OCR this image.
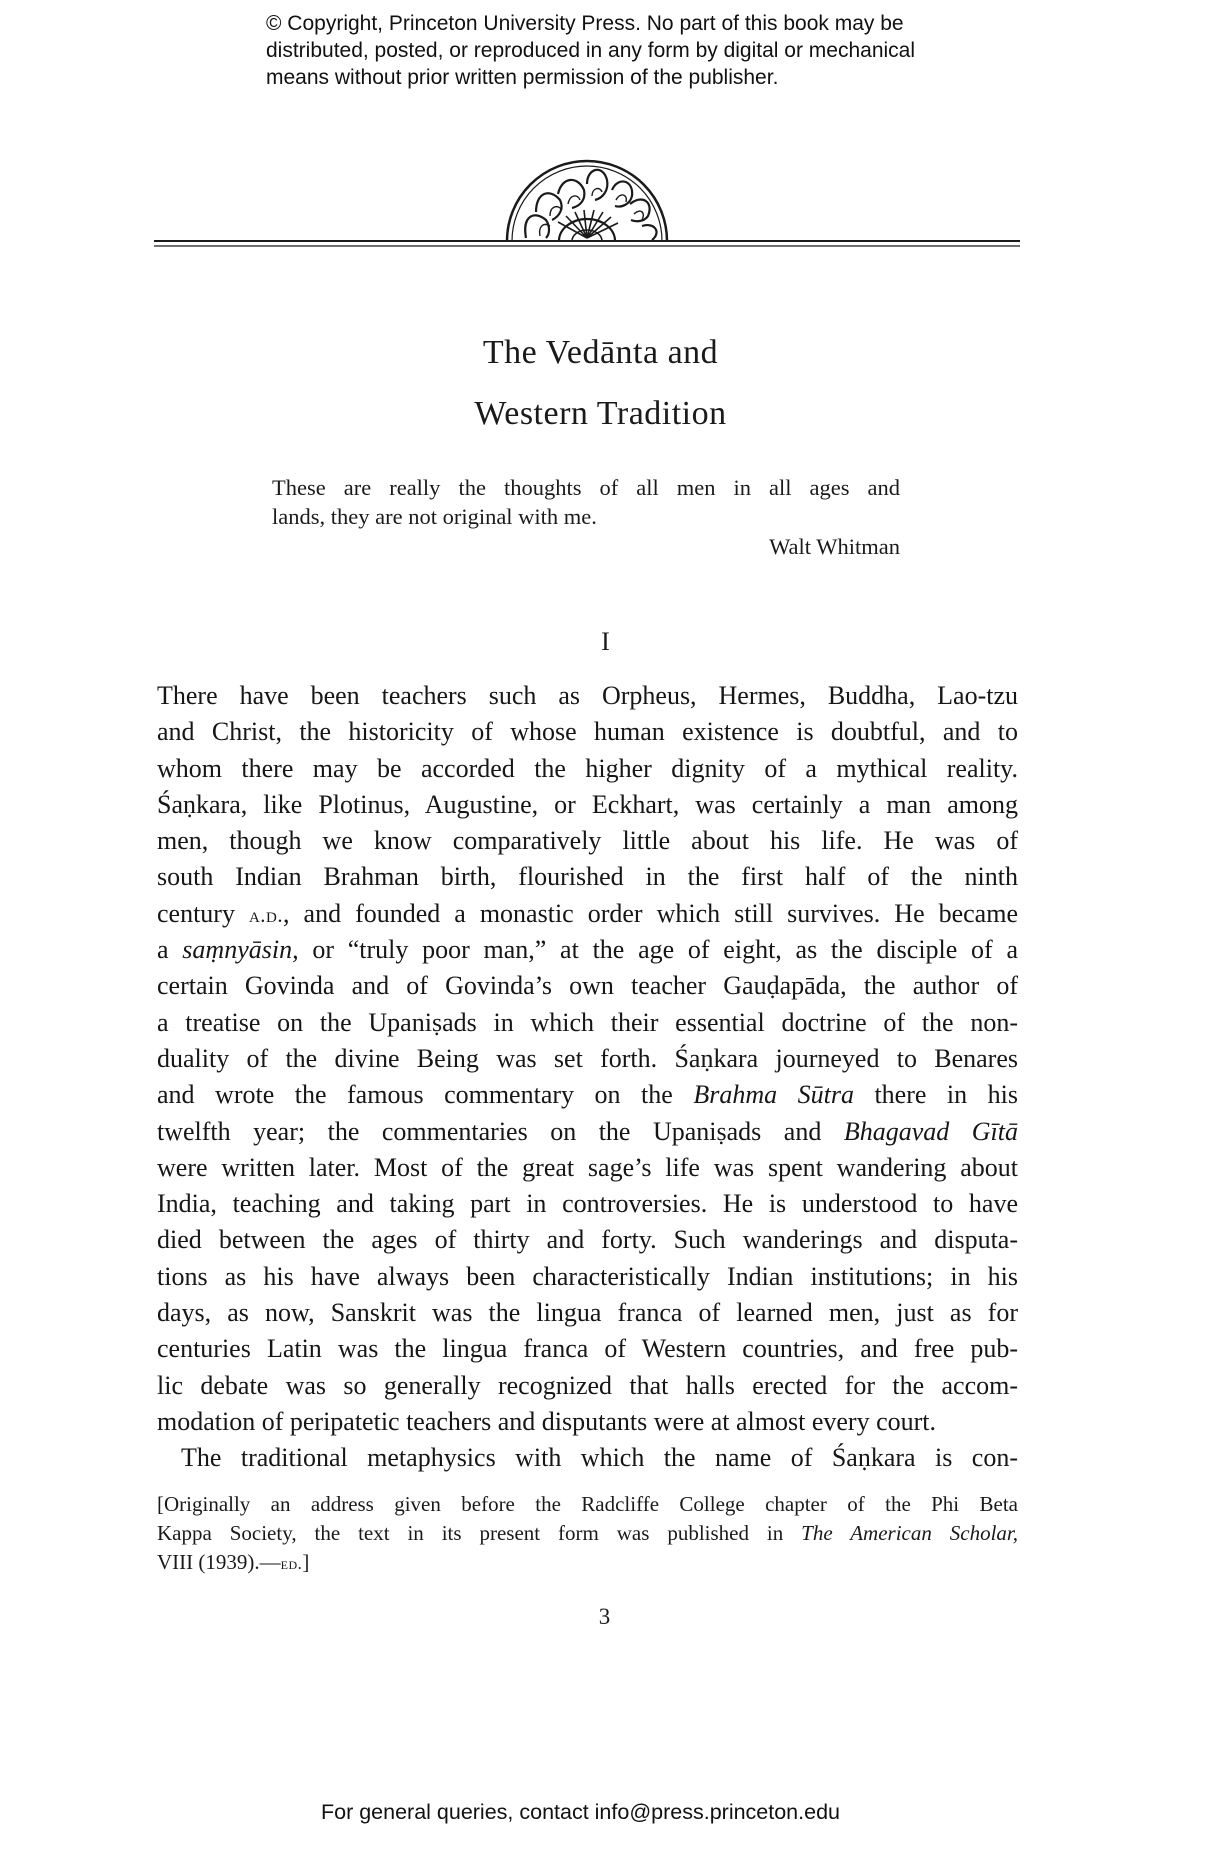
© Copyright, Princeton University Press. No part of this book may be
distributed, posted, or reproduced in any form by digital or mechanical
means without prior written permission of the publisher.
The Vedānta and
Western Tradition
These are really the thoughts of all men in all ages and
lands, they are not original with me.
Walt Whitman
I
There have been teachers such as Orpheus, Hermes, Buddha, Lao-tzu
and Christ, the historicity of whose human existence is doubtful, and to
whom there may be accorded the higher dignity of a mythical reality.
Śaṇkara, like Plotinus, Augustine, or Eckhart, was certainly a man among
men, though we know comparatively little about his life. He was of
south Indian Brahman birth, flourished in the first half of the ninth
century a.d., and founded a monastic order which still survives. He became
a saṃnyāsin, or “truly poor man,” at the age of eight, as the disciple of a
certain Govinda and of Govinda’s own teacher Gauḍapāda, the author of
a treatise on the Upaniṣads in which their essential doctrine of the non-
duality of the divine Being was set forth. Śaṇkara journeyed to Benares
and wrote the famous commentary on the Brahma Sūtra there in his
twelfth year; the commentaries on the Upaniṣads and Bhagavad Gītā
were written later. Most of the great sage’s life was spent wandering about
India, teaching and taking part in controversies. He is understood to have
died between the ages of thirty and forty. Such wanderings and disputa-
tions as his have always been characteristically Indian institutions; in his
days, as now, Sanskrit was the lingua franca of learned men, just as for
centuries Latin was the lingua franca of Western countries, and free pub-
lic debate was so generally recognized that halls erected for the accom-
modation of peripatetic teachers and disputants were at almost every court.
The traditional metaphysics with which the name of Śaṇkara is con-
[Originally an address given before the Radcliffe College chapter of the Phi Beta
Kappa Society, the text in its present form was published in The American Scholar,
VIII (1939).—ed.]
3
For general queries, contact info@press.princeton.edu
